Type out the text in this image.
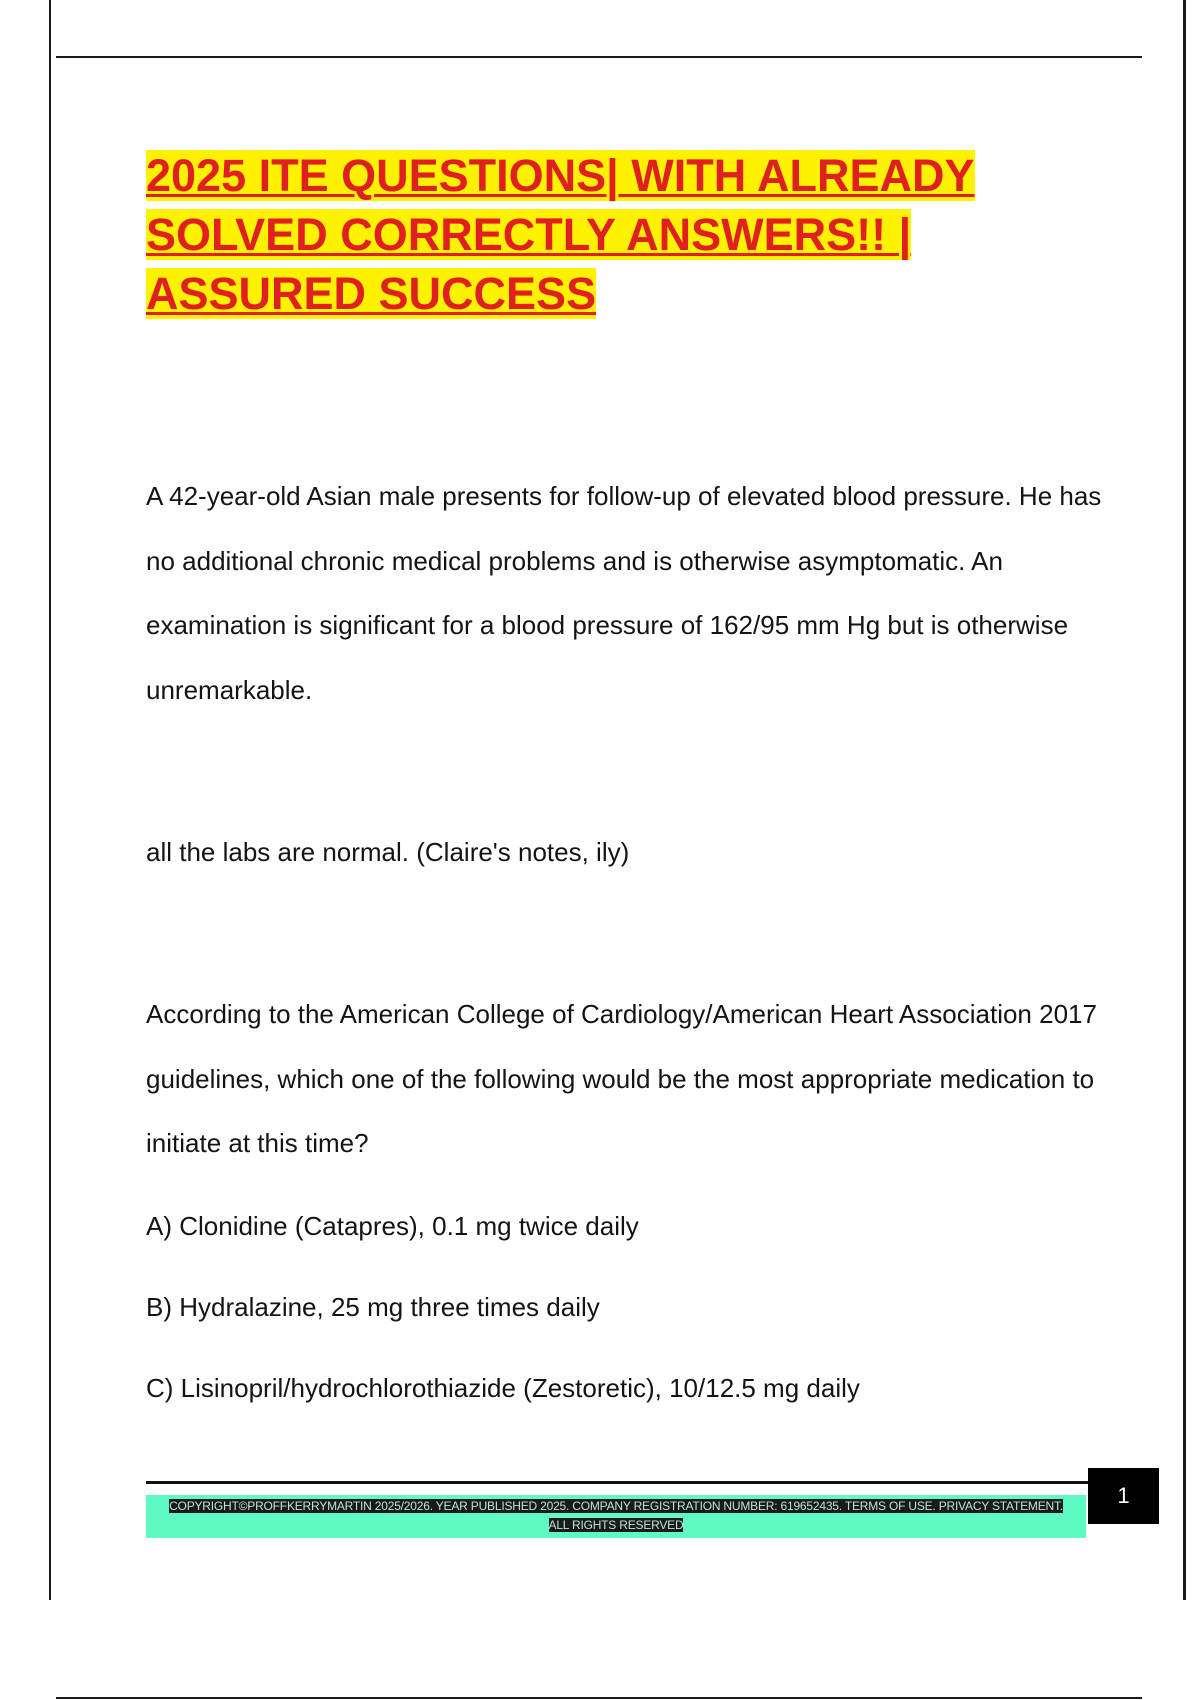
2025 ITE QUESTIONS| WITH ALREADY SOLVED CORRECTLY ANSWERS!! | ASSURED SUCCESS

A 42-year-old Asian male presents for follow-up of elevated blood pressure. He has no additional chronic medical problems and is otherwise asymptomatic. An examination is significant for a blood pressure of 162/95 mm Hg but is otherwise unremarkable.

all the labs are normal. (Claire's notes, ily)

According to the American College of Cardiology/American Heart Association 2017 guidelines, which one of the following would be the most appropriate medication to initiate at this time?

A) Clonidine (Catapres), 0.1 mg twice daily

B) Hydralazine, 25 mg three times daily

C) Lisinopril/hydrochlorothiazide (Zestoretic), 10/12.5 mg daily

COPYRIGHT©PROFFKERRYMARTIN 2025/2026. YEAR PUBLISHED 2025. COMPANY REGISTRATION NUMBER: 619652435. TERMS OF USE. PRIVACY STATEMENT. ALL RIGHTS RESERVED
1
